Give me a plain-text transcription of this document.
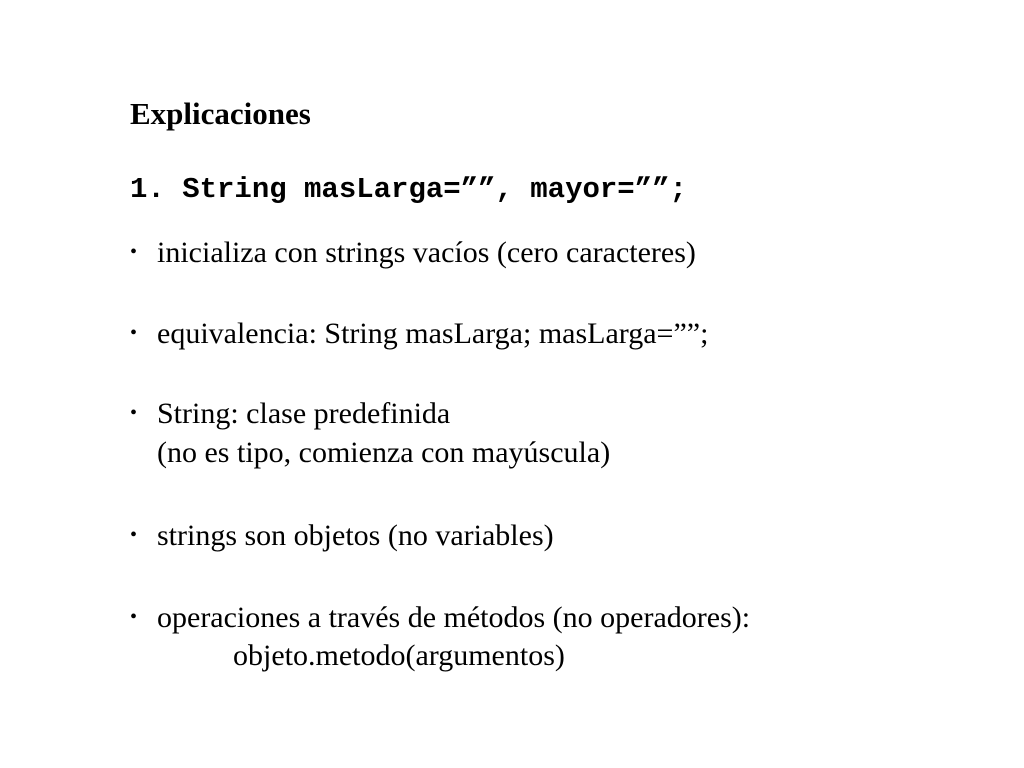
Explicaciones
1. String masLarga=””, mayor=””;
• inicializa con strings vacíos (cero caracteres)
• equivalencia: String masLarga; masLarga=””;
• String: clase predefinida
(no es tipo, comienza con mayúscula)
• strings son objetos (no variables)
• operaciones a través de métodos (no operadores):
objeto.metodo(argumentos)
